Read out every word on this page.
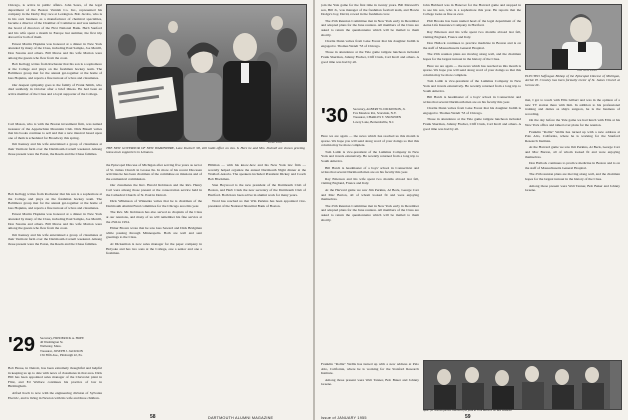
Chicago, is active in public affairs. John Sears, of the legal department of the Boston Varnish Co. Inc., represented his company in the Derby Day race at Lexington. Bob Jacobs, who is in his own business as a manufacturer of chemical specialties, became a director of the Chamber of Commerce and was named to the board of directors of the First National Bank. Herb Sanford and his wife spent a month in Europe last summer, the first trip abroad for both of them.

Ernest Martin Hopkins was honored at a dinner in New York attended by many of the Class, including Paul Sample, Joe Merrill, Don Stearns and others. Bill Morse and his wife Marion were among the guests who flew from the coast.

Bob Kellogg writes from Rochester that his son is a sophomore at the College and plays on the freshman hockey team. The Baltimore group met for the annual get-together at the home of Gus Hopkins, and reports a fine turnout of wives and classmates.

Our deepest sympathy goes to the family of Frank Smith, who died suddenly in October after a brief illness. He had been an active member of the Class and a loyal supporter of the College.

Parker Photo
THE NEW GOVERNOR OF NEW HAMPSHIRE, Lane Dwinell '28, still holds office on Jan. 6. Here he and Mrs. Dwinell are shown greeting home-town supporters in Lebanon.

Carl Mason, who is with the Boston investment firm, was named treasurer of the Appalachian Mountain Club. Dick Bissell writes that his books continue to sell and that a new musical based upon one of them is scheduled for Broadway this spring.

Jim Kenney and his wife entertained a group of classmates at their Vermont farm over the Dartmouth-Cornell weekend. Among those present were the Eaton, the Reeds and the Chase families.

the Episcopal Diocese of Michigan after serving five years as rector of St. James Church in Grosse Ile. In more of his recent Diocesan activities he has been chairman of the committee on missions and of the ecumenical commission.

Our classmates the Rev. Harold Robinson and the Rev. Henry Carl were among those present at the consecration service held in the Cathedral Church of St. Paul in Detroit.

Dick Wilkinson of Winnetka writes that he is chairman of the Dartmouth Alumni Fund committee for the Chicago area this year.

The Rev. Mr. Robinson has also served as chaplain of the Class at our reunions, and many of us will remember his fine service at the 25th in 1954.

Elmer Brown wrote that he saw Gus Seward and Dick Bridgman while passing through Minneapolis. Both are well and sent greetings to the Class.

Al Dickerman is now sales manager for the paper company in Holyoke and has two sons at the College, one a senior and one a freshman.

Hillman — with his know-how and his New York law firm — recently helped organize the annual Dartmouth Night dinner at the Waldorf-Astoria. The speakers included President Dickey and Coach Bob Blackman.

Stan Heywood is the new president of the Dartmouth Club of Boston, and Herb Clark the new secretary of the Dartmouth Club of Hartford. Both have been active in alumni work for many years.

Word has reached us that Win Perkins has been appointed vice-president of the National Shawmut Bank of Boston.

'29 Secretary, FREDERICK A. HOPE
40 Washington St.
Wellesley, Mass.
Treasurer, JOSEPH J. JACKSON
156 Fifth Ave., Pittsburgh 22, Pa.

Bob Hesse, in Detroit, has been extremely thoughtful and helpful in keeping us up to date with news of classmates in that area. Dick Hill has been appointed sales manager of the Chevrolet plant in Flint, and Ed Wallace continues his practice of law in Birmingham.

Alfred Koch is now with the engineering division of Sylvania Electric, and is living in Newton with his wife and three children.

Bob Kellogg writes from Rochester that his son is a sophomore at the College and plays on the freshman hockey team. The Baltimore group met for the annual get-together at the home of Gus Hopkins, and reports a fine turnout of wives and classmates.

Ernest Martin Hopkins was honored at a dinner in New York attended by many of the Class, including Paul Sample, Joe Merrill, Don Stearns and others. Bill Morse and his wife Marion were among the guests who flew from the coast.

Jim Kenney and his wife entertained a group of classmates at their Vermont farm over the Dartmouth-Cornell weekend. Among those present were the Eaton, the Reeds and the Chase families.

58	DARTMOUTH ALUMNI MAGAZINE

join the Yale game for the first time in twenty years. Bill Maxwell's son, Bill Jr., was manager of the freshman football team, and Howie Dodge's boy, David, rowed in the freshman crew.

The 25th Reunion Committee met in New York early in December and adopted plans for the June reunion. All members of the Class are asked to return the questionnaire which will be mailed to them shortly.

Charlie Dunn writes from Lake Forest that his daughter Judith is engaged to Thomas Wendt '53 of Chicago.

Those in attendance at the Yale game tailgate luncheon included Frank Sherman, Johnny Fischer, Cliff Clark, Carl Kroll and others. A good time was had by all.

'30 Secretary, ALBERT W. DICKINSON, Jr.
Fox Meadow Rd., Scarsdale, N.Y.
Treasurer, CHARLES T. SNOWDEN
Lowry Lane, Bernardsville, N.J.

Here we are again — the news which has reached us this month is sparse. We hope you will send along word of your doings so that this column may be more complete.

Tom Lamb is vice-president of the Lummus Company in New York and travels extensively. He recently returned from a long trip to South America.

Bill Hatch is headmaster of a boys' school in Connecticut and writes that several Dartmouth men are on his faculty this year.

Ray Emerson and his wife spent two months abroad last fall, visiting England, France and Italy.

At the Harvard game we saw Jim Perkins, Al Beck, George Carr and Mac Barton, all of whom looked fit and were enjoying themselves.

The 25th Reunion Committee met in New York early in December and adopted plans for the June reunion. All members of the Class are asked to return the questionnaire which will be mailed to them shortly.

John Hubbard was in Hanover for the Harvard game and stopped in to see his son, who is a sophomore this year. He reports that the College looks as fine as ever.

Phil Brooks has been named head of the legal department of the Aetna Life Insurance Company in Hartford.

Ray Emerson and his wife spent two months abroad last fall, visiting England, France and Italy.

Don Hallock continues to practice medicine in Boston and is on the staff of Massachusetts General Hospital.

The 25th reunion plans are moving along well, and the chairman hopes for the largest turnout in the history of the Class.

Here we are again — the news which has reached us this month is sparse. We hope you will send along word of your doings so that this column may be more complete.

Tom Lamb is vice-president of the Lummus Company in New York and travels extensively. He recently returned from a long trip to South America.

Bill Hatch is headmaster of a boys' school in Connecticut and writes that several Dartmouth men are on his faculty this year.

Charlie Dunn writes from Lake Forest that his daughter Judith is engaged to Thomas Wendt '53 of Chicago.

Those in attendance at the Yale game tailgate luncheon included Frank Sherman, Johnny Fischer, Cliff Clark, Carl Kroll and others. A good time was had by all.

Wide World Photos
ELECTED Suffragan Bishop of the Episcopal Diocese of Michigan, Archie H. Crowley has been formally rector of St. James Church at Grosse Ile.

met, I got to touch with Ellis Gilbert and was in the opinion of a new TV station there with him. In addition to his professional training and duties as ship's surgeon, he is the business of recording.

On the day before the Yale game we had lunch with Ellis at his New York office and talked over plans for the reunion.

Franklin "Rollie" Wellis has turned up with a new address at Palo Alto, California, where he is working for the Stanford Research Institute.

At the Harvard game we saw Jim Perkins, Al Beck, George Carr and Mac Barton, all of whom looked fit and were enjoying themselves.

Don Hallock continues to practice medicine in Boston and is on the staff of Massachusetts General Hospital.

The 25th reunion plans are moving along well, and the chairman hopes for the largest turnout in the history of the Class.

Among those present were Walt Tanner, Bob Baker and Johnny Greene.

Apart for reunion parties reached a full peak at Fred Mellen's on Yale weekend

Franklin "Rollie" Wellis has turned up with a new address at Palo Alto, California, where he is working for the Stanford Research Institute.

Among those present were Walt Tanner, Bob Baker and Johnny Greene.

Issue of JANUARY 1955	59
